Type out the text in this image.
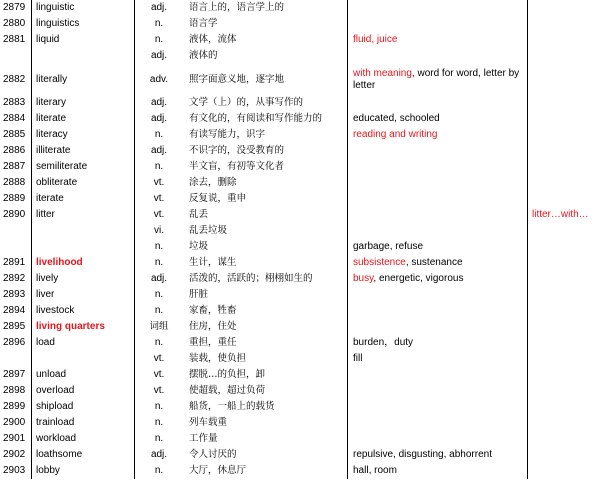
2879	linguistic	adj.	语言上的，语言学上的		
2880	linguistics	n.	语言学		
2881	liquid	n.	液体，流体	fluid, juice	
		adj.	液体的		
2882	literally	adv.	照字面意义地，逐字地	with meaning, word for word, letter by letter	
2883	literary	adj.	文学（上）的，从事写作的		
2884	literate	adj.	有文化的，有阅读和写作能力的	educated, schooled	
2885	literacy	n.	有读写能力，识字	reading and writing	
2886	illiterate	adj.	不识字的，没受教育的		
2887	semiliterate	n.	半文盲，有初等文化者		
2888	obliterate	vt.	涂去，删除		
2889	iterate	vt.	反复说，重申		
2890	litter	vt.	乱丢		litter…with…
		vi.	乱丢垃圾		
		n.	垃圾	garbage, refuse	
2891	livelihood	n.	生计，谋生	subsistence, sustenance	
2892	lively	adj.	活泼的，活跃的；栩栩如生的	busy, energetic, vigorous	
2893	liver	n.	肝脏		
2894	livestock	n.	家畜，牲畜		
2895	living quarters	词组	住房，住处		
2896	load	n.	重担，重任	burden，duty	
		vt.	装载，使负担	fill	
2897	unload	vt.	摆脱…的负担，卸		
2898	overload	vt.	使超载，超过负荷		
2899	shipload	n.	船货，一船上的载货		
2900	trainload	n.	列车载重		
2901	workload	n.	工作量		
2902	loathsome	adj.	令人讨厌的	repulsive, disgusting, abhorrent	
2903	lobby	n.	大厅，休息厅	hall, room	
